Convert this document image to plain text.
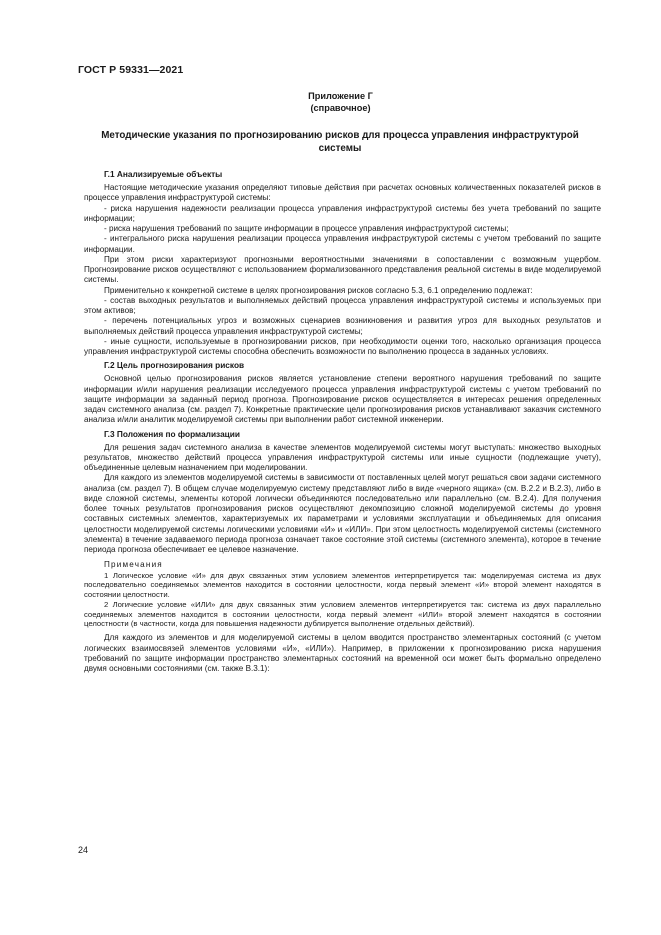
ГОСТ Р 59331—2021
Приложение Г
(справочное)
Методические указания по прогнозированию рисков для процесса управления инфраструктурой системы
Г.1 Анализируемые объекты

Настоящие методические указания определяют типовые действия при расчетах основных количественных показателей рисков в процессе управления инфраструктурой системы:

- риска нарушения надежности реализации процесса управления инфраструктурой системы без учета требований по защите информации;

- риска нарушения требований по защите информации в процессе управления инфраструктурой системы;

- интегрального риска нарушения реализации процесса управления инфраструктурой системы с учетом требований по защите информации.

При этом риски характеризуют прогнозными вероятностными значениями в сопоставлении с возможным ущербом. Прогнозирование рисков осуществляют с использованием формализованного представления реальной системы в виде моделируемой системы.

Применительно к конкретной системе в целях прогнозирования рисков согласно 5.3, 6.1 определению подлежат:

- состав выходных результатов и выполняемых действий процесса управления инфраструктурой системы и используемых при этом активов;

- перечень потенциальных угроз и возможных сценариев возникновения и развития угроз для выходных результатов и выполняемых действий процесса управления инфраструктурой системы;

- иные сущности, используемые в прогнозировании рисков, при необходимости оценки того, насколько организация процесса управления инфраструктурой системы способна обеспечить возможности по выполнению процесса в заданных условиях.

Г.2 Цель прогнозирования рисков

Основной целью прогнозирования рисков является установление степени вероятного нарушения требований по защите информации и/или нарушения реализации исследуемого процесса управления инфраструктурой системы с учетом требований по защите информации за заданный период прогноза. Прогнозирование рисков осуществляется в интересах решения определенных задач системного анализа (см. раздел 7). Конкретные практические цели прогнозирования рисков устанавливают заказчик системного анализа и/или аналитик моделируемой системы при выполнении работ системной инженерии.

Г.3 Положения по формализации

Для решения задач системного анализа в качестве элементов моделируемой системы могут выступать: множество выходных результатов, множество действий процесса управления инфраструктурой системы или иные сущности (подлежащие учету), объединенные целевым назначением при моделировании.

Для каждого из элементов моделируемой системы в зависимости от поставленных целей могут решаться свои задачи системного анализа (см. раздел 7). В общем случае моделируемую систему представляют либо в виде «черного ящика» (см. В.2.2 и В.2.3), либо в виде сложной системы, элементы которой логически объединяются последовательно или параллельно (см. В.2.4). Для получения более точных результатов прогнозирования рисков осуществляют декомпозицию сложной моделируемой системы до уровня составных системных элементов, характеризуемых их параметрами и условиями эксплуатации и объединяемых для описания целостности моделируемой системы логическими условиями «И» и «ИЛИ». При этом целостность моделируемой системы (системного элемента) в течение задаваемого периода прогноза означает такое состояние этой системы (системного элемента), которое в течение периода прогноза обеспечивает ее целевое назначение.

Примечания

1 Логическое условие «И» для двух связанных этим условием элементов интерпретируется так: моделируемая система из двух последовательно соединяемых элементов находится в состоянии целостности, когда первый элемент «И» второй элемент находятся в состоянии целостности.

2 Логические условие «ИЛИ» для двух связанных этим условием элементов интерпретируется так: система из двух параллельно соединяемых элементов находится в состоянии целостности, когда первый элемент «ИЛИ» второй элемент находятся в состоянии целостности (в частности, когда для повышения надежности дублируется выполнение отдельных действий).

Для каждого из элементов и для моделируемой системы в целом вводится пространство элементарных состояний (с учетом логических взаимосвязей элементов условиями «И», «ИЛИ»). Например, в приложении к прогнозированию риска нарушения требований по защите информации пространство элементарных состояний на временной оси может быть формально определено двумя основными состояниями (см. также В.3.1):

24
